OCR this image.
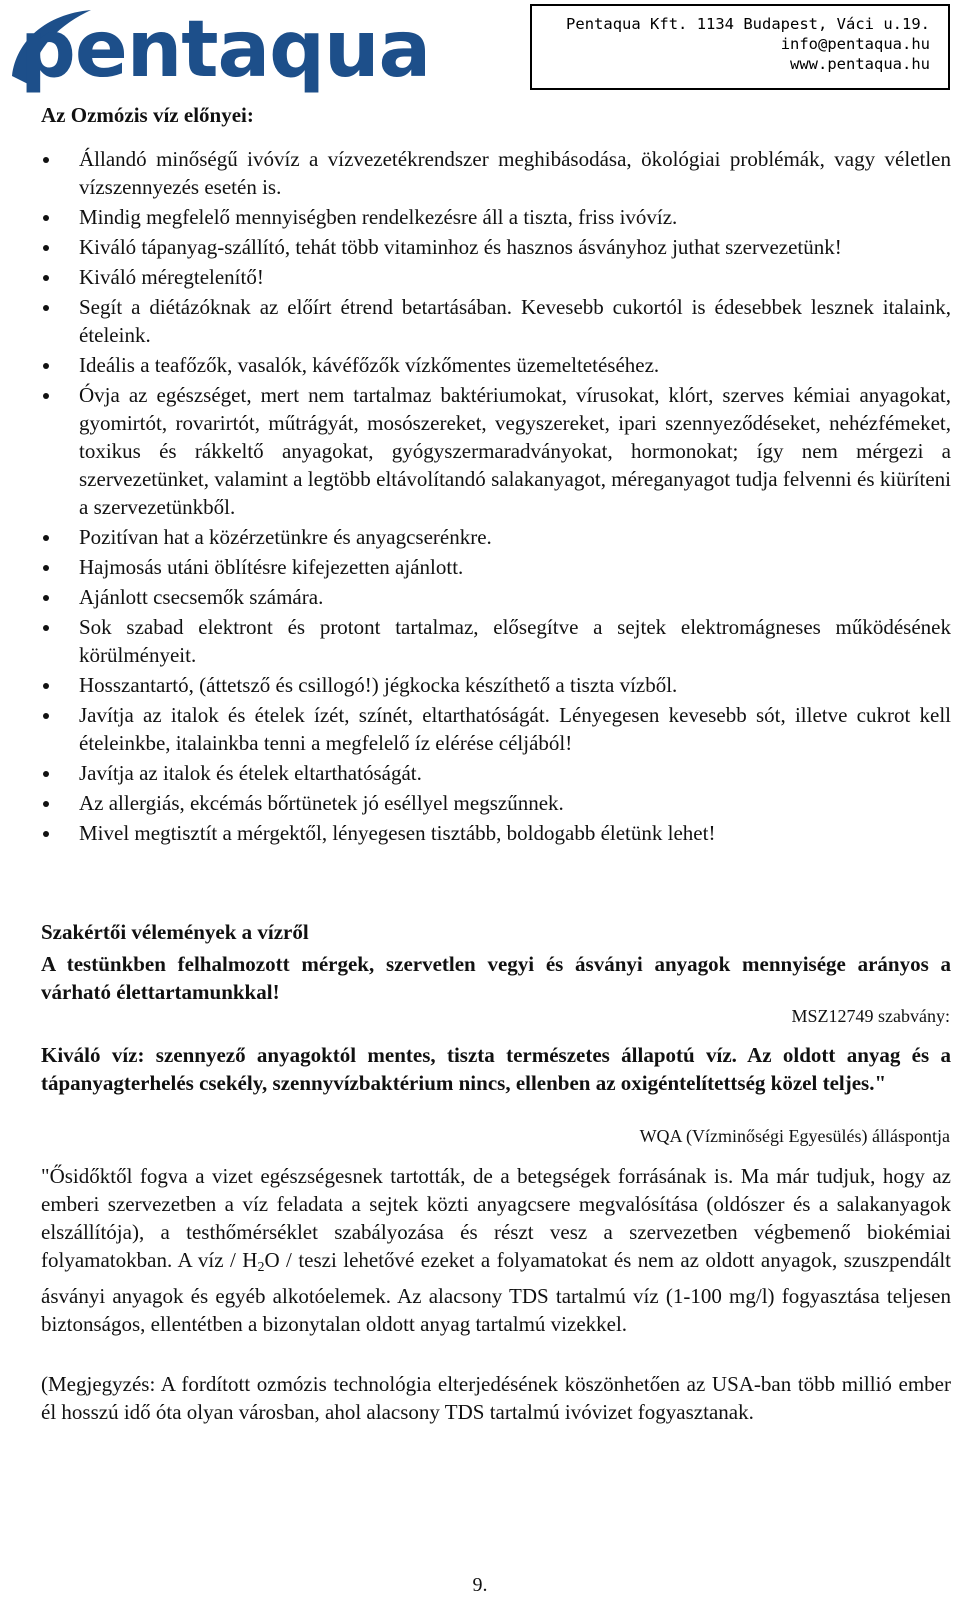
pentaqua	Pentaqua Kft. 1134 Budapest, Váci u.19.
info@pentaqua.hu
www.pentaqua.hu
Az Ozmózis víz előnyei:
Állandó minőségű ivóvíz a vízvezetékrendszer meghibásodása, ökológiai problémák, vagy véletlen vízszennyezés esetén is.
Mindig megfelelő mennyiségben rendelkezésre áll a tiszta, friss ivóvíz.
Kiváló tápanyag-szállító, tehát több vitaminhoz és hasznos ásványhoz juthat szervezetünk!
Kiváló méregtelenítő!
Segít a diétázóknak az előírt étrend betartásában. Kevesebb cukortól is édesebbek lesznek italaink, ételeink.
Ideális a teafőzők, vasalók, kávéfőzők vízkőmentes üzemeltetéséhez.
Óvja az egészséget, mert nem tartalmaz baktériumokat, vírusokat, klórt, szerves kémiai anyagokat, gyomirtót, rovarirtót, műtrágyát, mosószereket, vegyszereket, ipari szennyeződéseket, nehézfémeket, toxikus és rákkeltő anyagokat, gyógyszermaradványokat, hormonokat; így nem mérgezi a szervezetünket, valamint a legtöbb eltávolítandó salakanyagot, méreganyagot tudja felvenni és kiüríteni a szervezetünkből.
Pozitívan hat a közérzetünkre és anyagcserénkre.
Hajmosás utáni öblítésre kifejezetten ajánlott.
Ajánlott csecsemők számára.
Sok szabad elektront és protont tartalmaz, elősegítve a sejtek elektromágneses működésének körülményeit.
Hosszantartó, (áttetsző és csillogó!) jégkocka készíthető a tiszta vízből.
Javítja az italok és ételek ízét, színét, eltarthatóságát. Lényegesen kevesebb sót, illetve cukrot kell ételeinkbe, italainkba tenni a megfelelő íz elérése céljából!
Javítja az italok és ételek eltarthatóságát.
Az allergiás, ekcémás bőrtünetek jó eséllyel megszűnnek.
Mivel megtisztít a mérgektől, lényegesen tisztább, boldogabb életünk lehet!
Szakértői vélemények a vízről

A testünkben felhalmozott mérgek, szervetlen vegyi és ásványi anyagok mennyisége arányos a várható élettartamunkkal!

MSZ12749 szabvány:

Kiváló víz: szennyező anyagoktól mentes, tiszta természetes állapotú víz. Az oldott anyag és a tápanyagterhelés csekély, szennyvízbaktérium nincs, ellenben az oxigéntelítettség közel teljes."

WQA (Vízminőségi Egyesülés) álláspontja

"Ősidőktől fogva a vizet egészségesnek tartották, de a betegségek forrásának is. Ma már tudjuk, hogy az emberi szervezetben a víz feladata a sejtek közti anyagcsere megvalósítása (oldószer és a salakanyagok elszállítója), a testhőmérséklet szabályozása és részt vesz a szervezetben végbemenő biokémiai folyamatokban. A víz / $H_2O$ / teszi lehetővé ezeket a folyamatokat és nem az oldott anyagok, szuszpendált ásványi anyagok és egyéb alkotóelemek. Az alacsony TDS tartalmú víz (1-100 mg/l) fogyasztása teljesen biztonságos, ellentétben a bizonytalan oldott anyag tartalmú vizekkel.

(Megjegyzés: A fordított ozmózis technológia elterjedésének köszönhetően az USA-ban több millió ember él hosszú idő óta olyan városban, ahol alacsony TDS tartalmú ivóvizet fogyasztanak.

9.
